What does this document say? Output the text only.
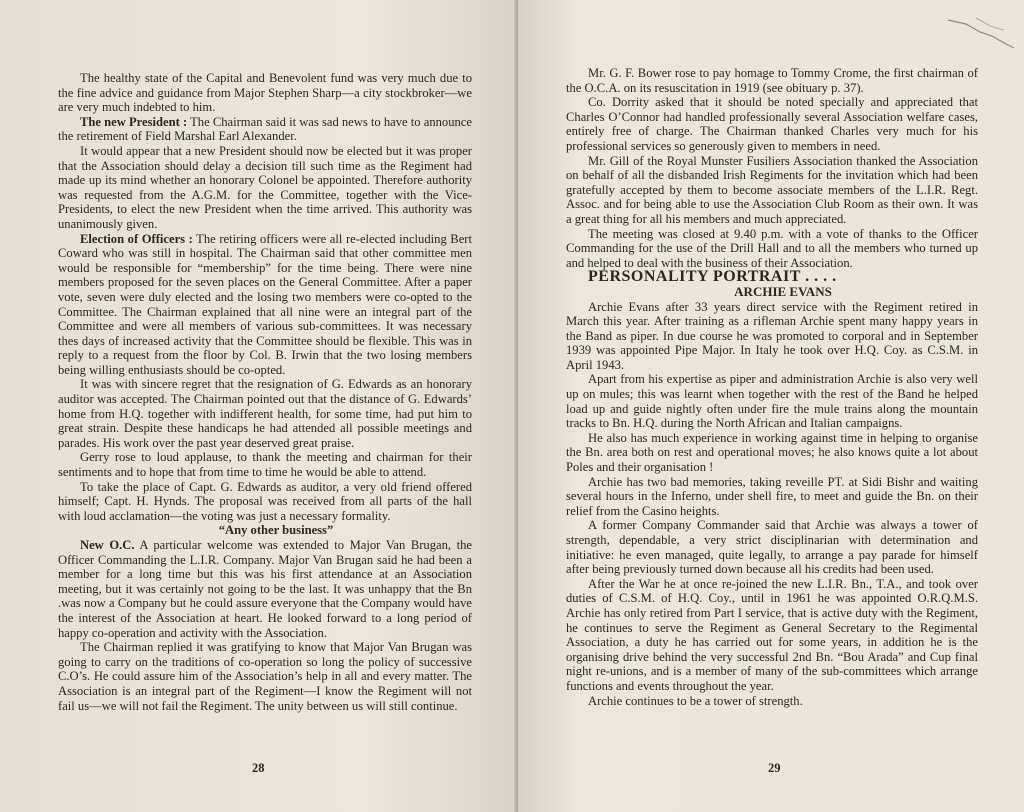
The healthy state of the Capital and Benevolent fund was very much due to the fine advice and guidance from Major Stephen Sharp—a city stockbroker—we are very much indebted to him.

The new President : The Chairman said it was sad news to have to announce the retirement of Field Marshal Earl Alexander.

It would appear that a new President should now be elected but it was proper that the Association should delay a decision till such time as the Regiment had made up its mind whether an honorary Colonel be appointed. Therefore authority was requested from the A.G.M. for the Committee, together with the Vice-Presidents, to elect the new President when the time arrived. This authority was unanimously given.

Election of Officers : The retiring officers were all re-elected including Bert Coward who was still in hospital. The Chairman said that other committee men would be responsible for “membership” for the time being. There were nine members proposed for the seven places on the General Committee. After a paper vote, seven were duly elected and the losing two members were co-opted to the Committee. The Chairman explained that all nine were an integral part of the Committee and were all members of various sub-committees. It was necessary thes days of increased activity that the Committee should be flexible. This was in reply to a request from the floor by Col. B. Irwin that the two losing members being willing enthusiasts should be co-opted.

It was with sincere regret that the resignation of G. Edwards as an honorary auditor was accepted. The Chairman pointed out that the distance of G. Edwards’ home from H.Q. together with indifferent health, for some time, had put him to great strain. Despite these handicaps he had attended all possible meetings and parades. His work over the past year deserved great praise.

Gerry rose to loud applause, to thank the meeting and chairman for their sentiments and to hope that from time to time he would be able to attend.

To take the place of Capt. G. Edwards as auditor, a very old friend offered himself; Capt. H. Hynds. The proposal was received from all parts of the hall with loud acclamation—the voting was just a necessary formality.

“Any other business”

New O.C. A particular welcome was extended to Major Van Brugan, the Officer Commanding the L.I.R. Company. Major Van Brugan said he had been a member for a long time but this was his first attendance at an Association meeting, but it was certainly not going to be the last. It was unhappy that the Bn .was now a Company but he could assure everyone that the Company would have the interest of the Association at heart. He looked forward to a long period of happy co-operation and activity with the Association.

The Chairman replied it was gratifying to know that Major Van Brugan was going to carry on the traditions of co-operation so long the policy of successive C.O’s. He could assure him of the Association’s help in all and every matter. The Association is an integral part of the Regiment—I know the Regiment will not fail us—we will not fail the Regiment. The unity between us will still continue.

28

Mr. G. F. Bower rose to pay homage to Tommy Crome, the first chairman of the O.C.A. on its resuscitation in 1919 (see obituary p. 37).

Co. Dorrity asked that it should be noted specially and appreciated that Charles O’Connor had handled professionally several Association welfare cases, entirely free of charge. The Chairman thanked Charles very much for his professional services so generously given to members in need.

Mr. Gill of the Royal Munster Fusiliers Association thanked the Association on behalf of all the disbanded Irish Regiments for the invitation which had been gratefully accepted by them to become associate members of the L.I.R. Regt. Assoc. and for being able to use the Association Club Room as their own. It was a great thing for all his members and much appreciated.

The meeting was closed at 9.40 p.m. with a vote of thanks to the Officer Commanding for the use of the Drill Hall and to all the members who turned up and helped to deal with the business of their Association.

PERSONALITY PORTRAIT . . . .

ARCHIE EVANS

Archie Evans after 33 years direct service with the Regiment retired in March this year. After training as a rifleman Archie spent many happy years in the Band as piper. In due course he was promoted to corporal and in September 1939 was appointed Pipe Major. In Italy he took over H.Q. Coy. as C.S.M. in April 1943.

Apart from his expertise as piper and administration Archie is also very well up on mules; this was learnt when together with the rest of the Band he helped load up and guide nightly often under fire the mule trains along the mountain tracks to Bn. H.Q. during the North African and Italian campaigns.

He also has much experience in working against time in helping to organise the Bn. area both on rest and operational moves; he also knows quite a lot about Poles and their organisation !

Archie has two bad memories, taking reveille PT. at Sidi Bishr and waiting several hours in the Inferno, under shell fire, to meet and guide the Bn. on their relief from the Casino heights.

A former Company Commander said that Archie was always a tower of strength, dependable, a very strict disciplinarian with determination and initiative: he even managed, quite legally, to arrange a pay parade for himself after being previously turned down because all his credits had been used.

After the War he at once re-joined the new L.I.R. Bn., T.A., and took over duties of C.S.M. of H.Q. Coy., until in 1961 he was appointed O.R.Q.M.S. Archie has only retired from Part I service, that is active duty with the Regiment, he continues to serve the Regiment as General Secretary to the Regimental Association, a duty he has carried out for some years, in addition he is the organising drive behind the very successful 2nd Bn. “Bou Arada” and Cup final night re-unions, and is a member of many of the sub-committees which arrange functions and events throughout the year.

Archie continues to be a tower of strength.

29
